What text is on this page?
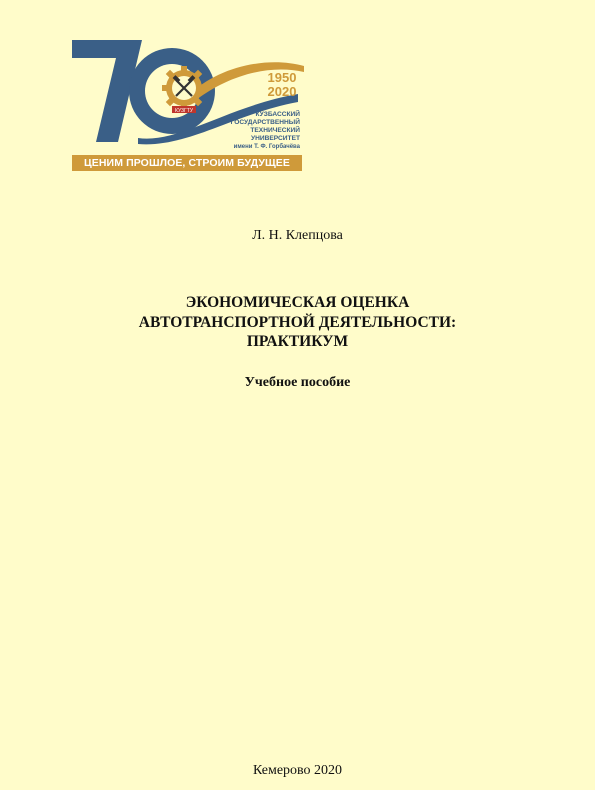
КУЗГТУ
1950
2020
КУЗБАССКИЙ
ГОСУДАРСТВЕННЫЙ
ТЕХНИЧЕСКИЙ
УНИВЕРСИТЕТ
имени Т. Ф. Горбачёва
ЦЕНИМ ПРОШЛОЕ, СТРОИМ БУДУЩЕЕ
Л. Н. Клепцова
ЭКОНОМИЧЕСКАЯ ОЦЕНКА
АВТОТРАНСПОРТНОЙ ДЕЯТЕЛЬНОСТИ:
ПРАКТИКУМ
Учебное пособие
Кемерово 2020
